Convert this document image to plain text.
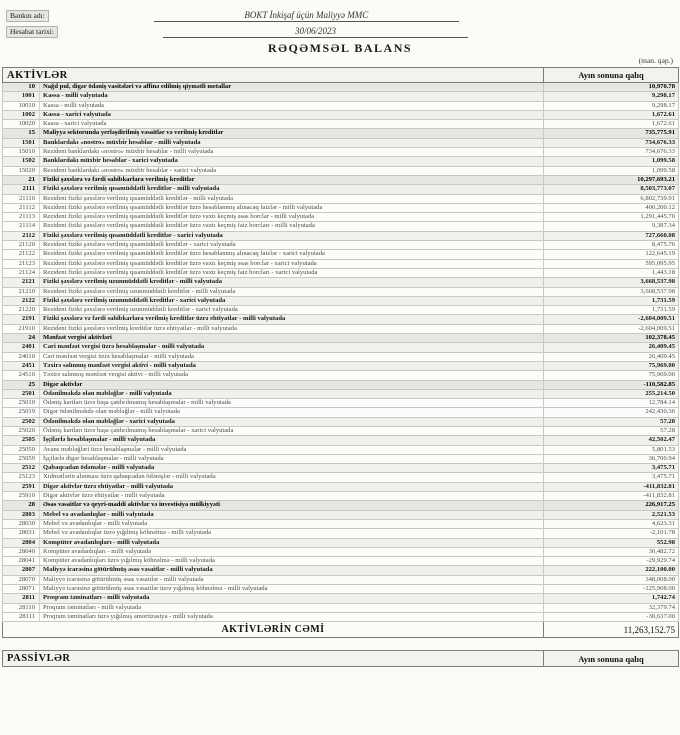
Bankın adı:	BOKT İnkişaf üçün Maliyyə MMC
Hesabat tarixi:	30/06/2023
RƏQƏMSƏL BALANS
(man. qəp.)
AKTİVLƏR	Ayın sonuna qalıq
10 Nağd pul, digər ödəniş vasitələri və affinə edilmiş qiymətli metallar	10,970.78
1001 Kassa - milli valyutada	9,298.17
10010 Kassa - milli valyutada	9,298.17
1002 Kassa - xarici valyutada	1,672.61
10020 Kassa - xarici valyutada	1,672.61
15 Maliyyə sektorunda yerləşdirilmiş vəsaitlər və verilmiş kreditlər	735,775.91
1501 Banklardakı «nostro» müxbir hesablar - milli valyutada	734,676.33
15010 Rezident banklardakı «nostro» müxbir hesablar - milli valyutada	734,676.33
1502 Banklardakı müxbir hesablar - xarici valyutada	1,099.58
15020 Rezident banklardakı «nostro» müxbir hesablar - xarici valyutada	1,099.58
21 Fiziki şəxslərə və fərdi sahibkarlara verilmiş kreditlər	10,297,693.21
2111 Fiziki şəxslərə verilmiş qısamüddətli kreditlər - milli valyutada	8,503,773.07
21110 Rezident fiziki şəxslərə verilmiş qısamüddətli kreditlər - milli valyutada	6,802,739.91
21112 Rezident fiziki şəxslərə verilmiş qısamüddətli kreditlər üzrə hesablanmış alınacaq faizlər - milli valyutada	400,200.12
21113 Rezident fiziki şəxslərə verilmiş qısamüddətli kreditlər üzrə vaxtı keçmiş əsas borclar - milli valyutada	1,291,445.70
21114 Rezident fiziki şəxslərə verilmiş qısamüddətli kreditlər üzrə vaxtı keçmiş faiz borcları - milli valyutada	9,387.34
2112 Fiziki şəxslərə verilmiş qısamüddətli kreditlər - xarici valyutada	727,660.08
21120 Rezident fiziki şəxslərə verilmiş qısamüddətli kreditlər - xarici valyutada	8,475.76
21122 Rezident fiziki şəxslərə verilmiş qısamüddətli kreditlər üzrə hesablanmış alınacaq faizlər - xarici valyutada	122,645.19
21123 Rezident fiziki şəxslərə verilmiş qısamüddətli kreditlər üzrə vaxtı keçmiş əsas borclar - xarici valyutada	595,095.95
21124 Rezident fiziki şəxslərə verilmiş qısamüddətli kreditlər üzrə vaxtı keçmiş faiz borcları - xarici valyutada	1,443.18
2121 Fiziki şəxslərə verilmiş uzunmüddətli kreditlər - milli valyutada	3,668,537.98
21210 Rezident fiziki şəxslərə verilmiş uzunmüddətli kreditlər - milli valyutada	3,668,537.98
2122 Fiziki şəxslərə verilmiş uzunmüddətli kreditlər - xarici valyutada	1,731.59
21220 Rezident fiziki şəxslərə verilmiş uzunmüddətli kreditlər - xarici valyutada	1,731.59
2191 Fiziki şəxslərə və fərdi sahibkarlara verilmiş kreditlər üzrə ehtiyatlar - milli valyutada	-2,604,009.51
21910 Rezident fiziki şəxslərə verilmiş kreditlər üzrə ehtiyatlar - milli valyutada	-2,604,009.51
24 Mənfəət vergisi aktivləri	102,378.45
2401 Cari mənfəət vergisi üzrə hesablaşmalar - milli valyutada	26,409.45
24010 Cari mənfəət vergisi üzrə hesablaşmalar - milli valyutada	26,409.45
2451 Təxirə salınmış mənfəət vergisi aktivi - milli valyutada	75,969.00
24510 Təxirə salınmış mənfəət vergisi aktivi - milli valyutada	75,969.00
25 Digər aktivlər	-110,582.85
2501 Ödənilməkdə olan məbləğlər - milli valyutada	255,214.50
25010 Ödəniş kartları üzrə başa çatdırılmamış hesablaşmalar - milli valyutada	12,784.14
25019 Digər ödənilməkdə olan məbləğlər - milli valyutada	242,430.36
2502 Ödənilməkdə olan məbləğlər - xarici valyutada	57.28
25020 Ödəniş kartları üzrə başa çatdırılmamış hesablaşmalar - xarici valyutada	57.28
2505 İşçilərlə hesablaşmalar - milli valyutada	42,502.47
25050 Avans məbləğləri üzrə hesablaşmalar - milli valyutada	5,801.53
25059 İşçilərlə digər hesablaşmalar - milli valyutada	36,700.94
2512 Qabaqcadan ödəmələr - milli valyutada	3,475.71
25123 Xidmətlərin alınması üzrə qabaqcadan ödənişlər - milli valyutada	3,475.71
2591 Digər aktivlər üzrə ehtiyatlar - milli valyutada	-411,832.81
25910 Digər aktivlər üzrə ehtiyatlar - milli valyutada	-411,832.81
28 Əsas vəsaitlər və qeyri-maddi aktivlər və investisiya mülkiyyəti	226,917.25
2803 Mebel və avadanlıqlar - milli valyutada	2,521.53
28030 Mebel və avadanlıqlar - milli valyutada	4,623.31
28031 Mebel və avadanlıqlar üzrə yığılmış köhnəlmə - milli valyutada	-2,101.78
2804 Kompüter avadanlıqları - milli valyutada	552.98
28040 Kompüter avadanlıqları - milli valyutada	30,482.72
28041 Kompüter avadanlıqları üzrə yığılmış köhnəlmə - milli valyutada	-29,929.74
2807 Maliyyə icarəsinə götürülmüş əsas vəsaitlər - milli valyutada	222,100.00
28070 Maliyyə icarəsinə götürülmüş əsas vəsaitlər - milli valyutada	348,008.00
28071 Maliyyə icarəsinə götürülmüş əsas vəsaitlər üzrə yığılmış köhnəlmə - milli valyutada	-125,908.00
2811 Proqram təminatları - milli valyutada	1,742.74
28110 Proqram təminatları - milli valyutada	32,379.74
28111 Proqram təminatları üzrə yığılmış amortizasiya - milli valyutada	-30,637.00
AKTİVLƏRİN CƏMİ	11,263,152.75
PASSİVLƏR	Ayın sonuna qalıq
